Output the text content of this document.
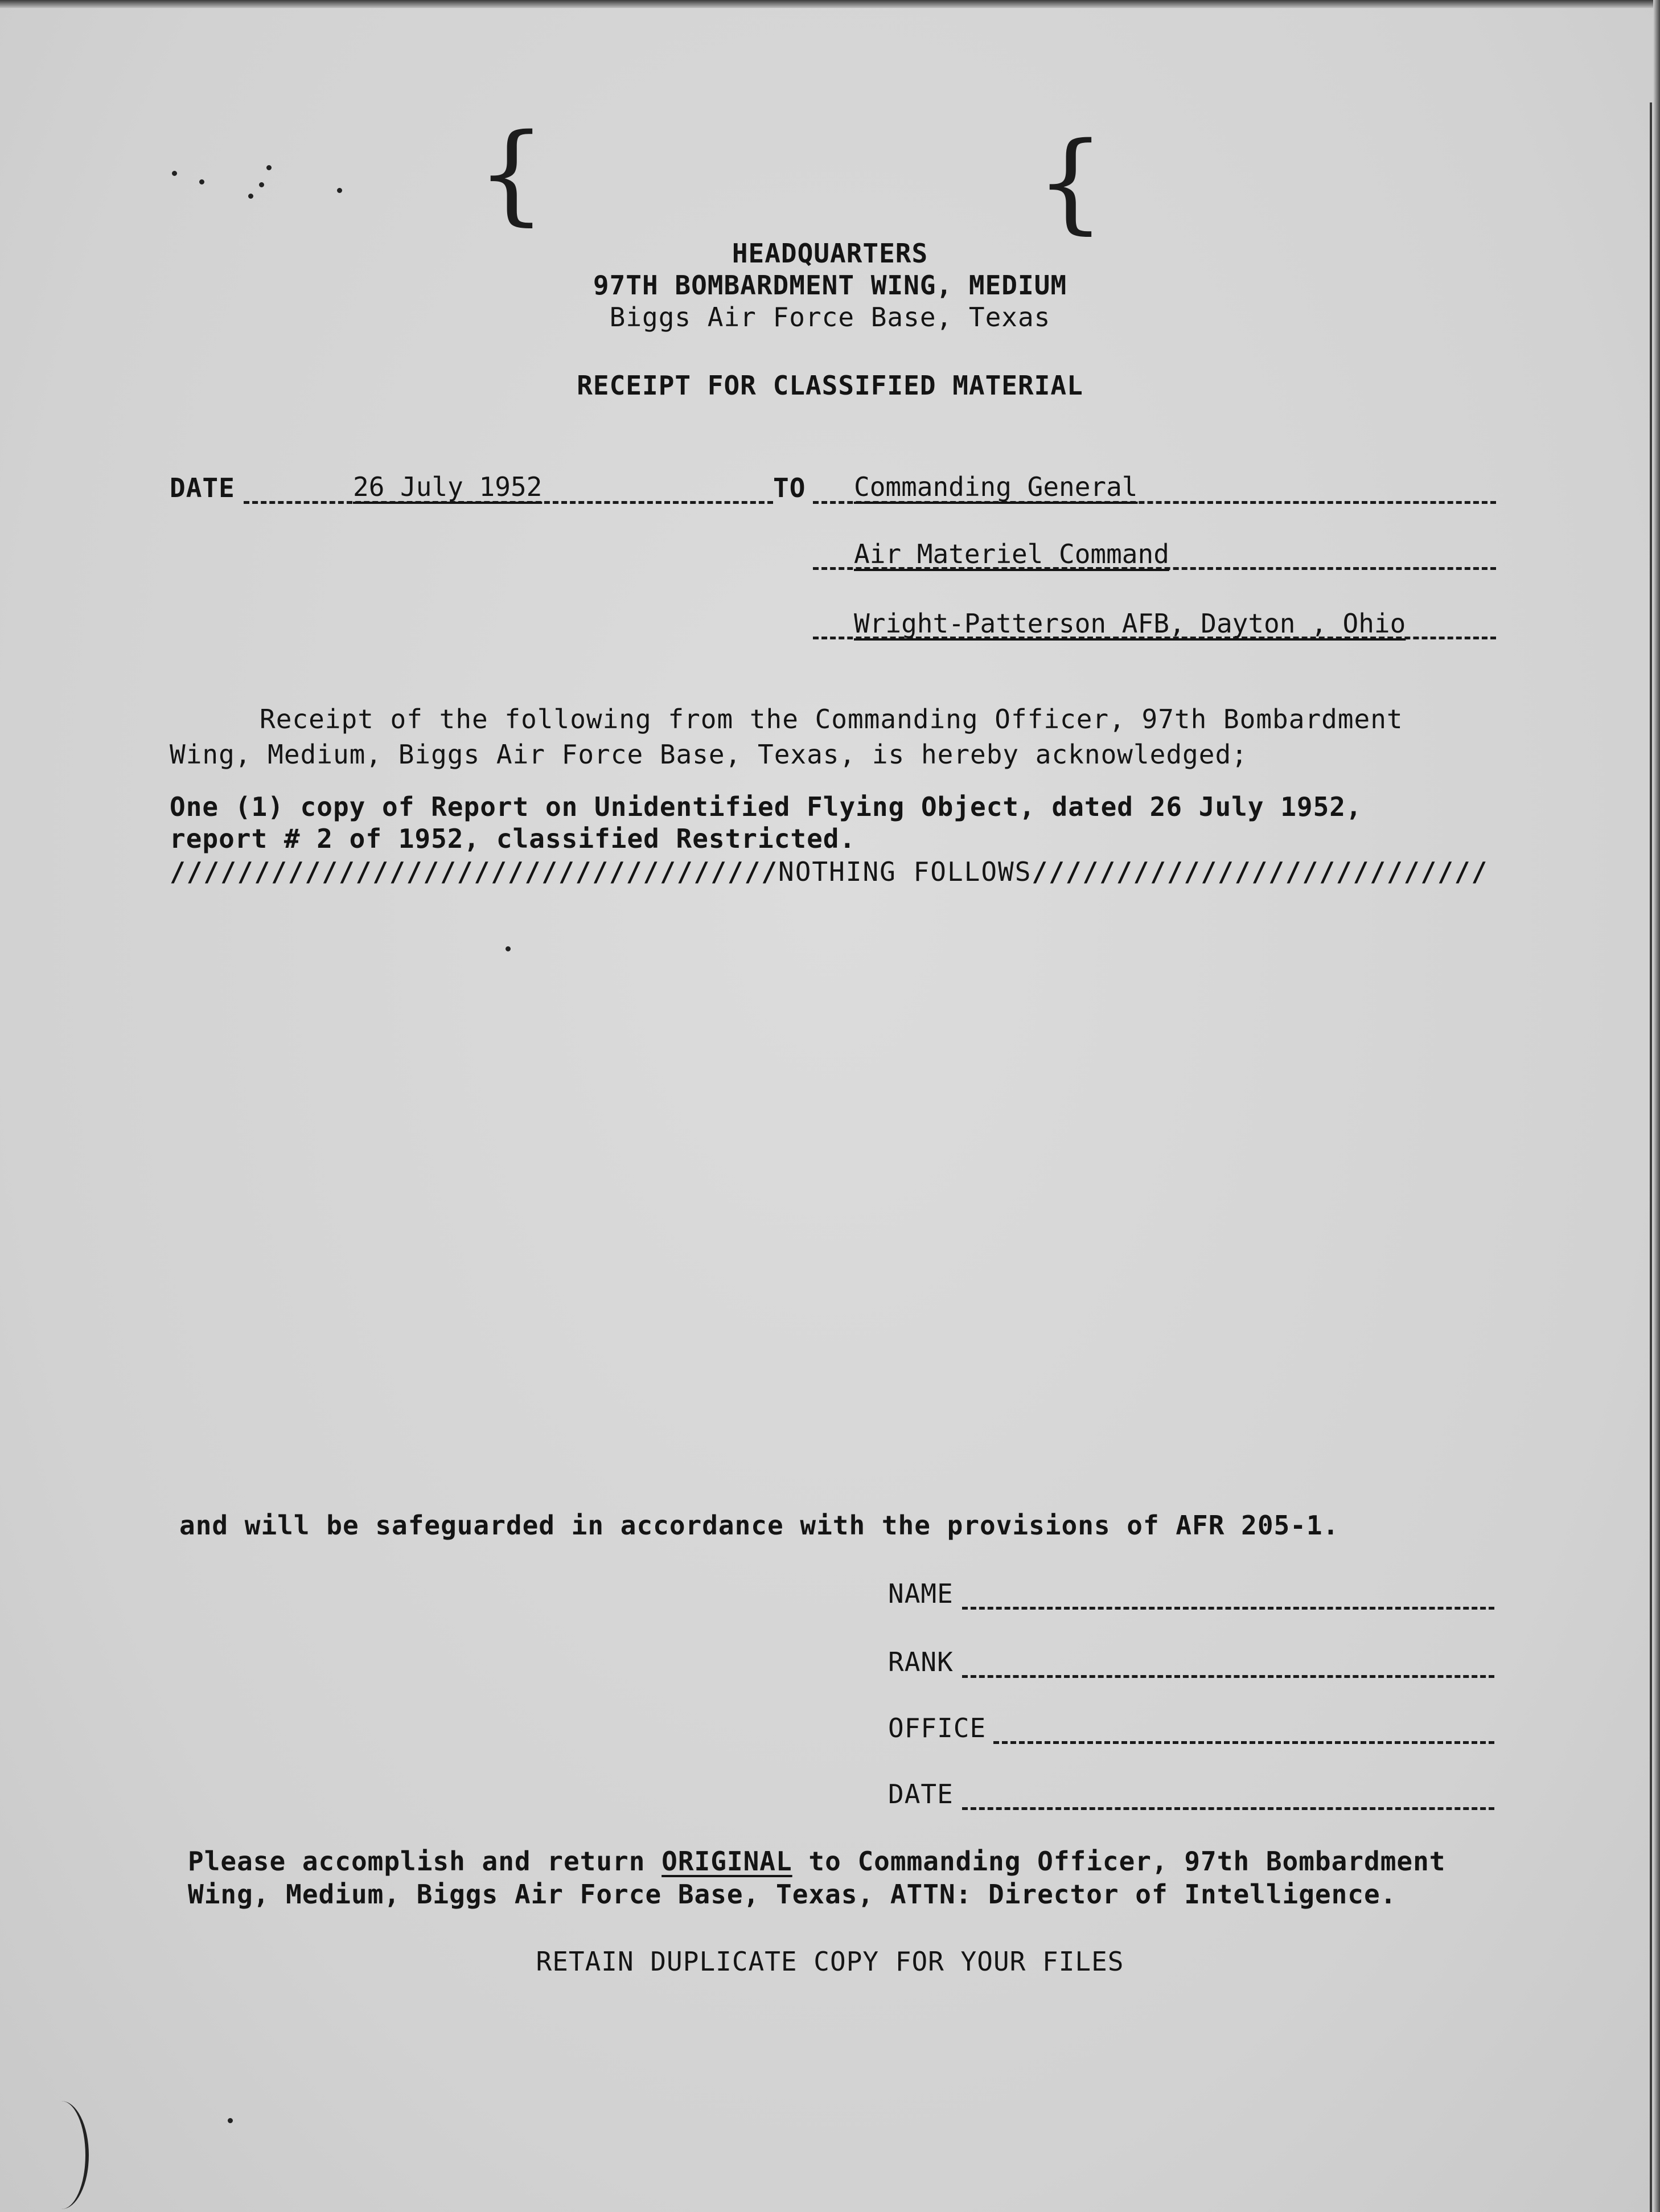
{	{
HEADQUARTERS
97TH BOMBARDMENT WING, MEDIUM
Biggs Air Force Base, Texas
RECEIPT FOR CLASSIFIED MATERIAL
DATE	26 July 1952	TO Commanding General
Air Materiel Command
Wright-Patterson AFB, Dayton , Ohio
Receipt of the following from the Commanding Officer, 97th Bombardment
Wing, Medium, Biggs Air Force Base, Texas, is hereby acknowledged;
One (1) copy of Report on Unidentified Flying Object, dated 26 July 1952,
report # 2 of 1952, classified Restricted.
////////////////////////////////////NOTHING FOLLOWS///////////////////////////
and will be safeguarded in accordance with the provisions of AFR 205-1.
NAME
RANK
OFFICE
DATE
Please accomplish and return ORIGINAL to Commanding Officer, 97th Bombardment
Wing, Medium, Biggs Air Force Base, Texas, ATTN: Director of Intelligence.
RETAIN DUPLICATE COPY FOR YOUR FILES
